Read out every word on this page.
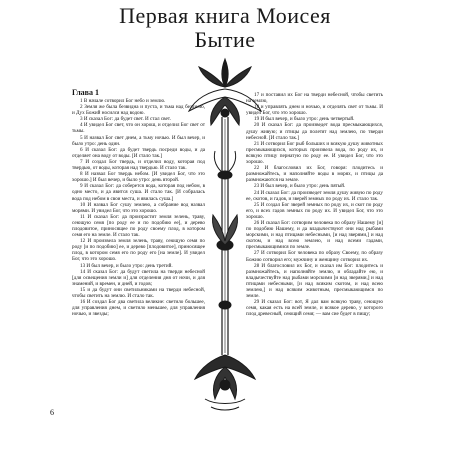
Первая книга Моисея
Бытие
Глава 1

1 В начале сотворил Бог небо и землю.

2 Земля же была безвидна и пуста, и тьма над бездною, и Дух Божий носился над водою.

3 И сказал Бог: да будет свет. И стал свет.

4 И увидел Бог свет, что он хорош, и отделил Бог свет от тьмы.

5 И назвал Бог свет днем, а тьму ночью. И был вечер, и было утро: день один.

6 И сказал Бог: да будет твердь посреди воды, и да отделяет она воду от воды. [И стало так.]

7 И создал Бог твердь, и отделил воду, которая под твердью, от воды, которая над твердью. И стало так.

8 И назвал Бог твердь небом. [И увидел Бог, что это хорошо.] И был вечер, и было утро: день второй.

9 И сказал Бог: да соберется вода, которая под небом, в одно место, и да явится суша. И стало так. [И собралась вода под небом в свои места, и явилась суша.]

10 И назвал Бог сушу землею, а собрание вод назвал морями. И увидел Бог, что это хорошо.

11 И сказал Бог: да произрастит земля зелень, траву, сеющую семя [по роду ее и по подобию ее], и дерево плодовитое, приносящее по роду своему плод, в котором семя его на земле. И стало так.

12 И произвела земля зелень, траву, сеющую семя по роду [и по подобию] ее, и дерево [плодовитое], приносящее плод, в котором семя его по роду его [на земле]. И увидел Бог, что это хорошо.

13 И был вечер, и было утро: день третий.

14 И сказал Бог: да будут светила на тверди небесной [для освещения земли и] для отделения дня от ночи, и для знамений, и времен, и дней, и годов;

15 и да будут они светильниками на тверди небесной, чтобы светить на землю. И стало так.

16 И создал Бог два светила великие: светило большее, для управления днем, и светило меньшее, для управления ночью, и звезды;

17 и поставил их Бог на тверди небесной, чтобы светить на землю,

18 и управлять днем и ночью, и отделять свет от тьмы. И увидел Бог, что это хорошо.

19 И был вечер, и было утро: день четвертый.

20 И сказал Бог: да произведет вода пресмыкающихся, душу живую; и птицы да полетят над землею, по тверди небесной. [И стало так.]

21 И сотворил Бог рыб больших и всякую душу животных пресмыкающихся, которых произвела вода, по роду их, и всякую птицу пернатую по роду ее. И увидел Бог, что это хорошо.

22 И благословил их Бог, говоря: плодитесь и размножайтесь, и наполняйте воды в морях, и птицы да размножаются на земле.

23 И был вечер, и было утро: день пятый.

24 И сказал Бог: да произведет земля душу живую по роду ее, скотов, и гадов, и зверей земных по роду их. И стало так.

25 И создал Бог зверей земных по роду их, и скот по роду его, и всех гадов земных по роду их. И увидел Бог, что это хорошо.

26 И сказал Бог: сотворим человека по образу Нашему [и] по подобию Нашему, и да владычествуют они над рыбами морскими, и над птицами небесными, [и над зверями,] и над скотом, и над всею землею, и над всеми гадами, пресмыкающимися по земле.

27 И сотворил Бог человека по образу Своему, по образу Божию сотворил его; мужчину и женщину сотворил их.

28 И благословил их Бог, и сказал им Бог: плодитесь и размножайтесь, и наполняйте землю, и обладайте ею, и владычествуйте над рыбами морскими [и над зверями,] и над птицами небесными, [и над всяким скотом, и над всею землею,] и над всяким животным, пресмыкающимся по земле.

29 И сказал Бог: вот, Я дал вам всякую траву, сеющую семя, какая есть на всей земле, и всякое дерево, у которого плод древесный, сеющий семя; — вам сие будет в пищу;

6
